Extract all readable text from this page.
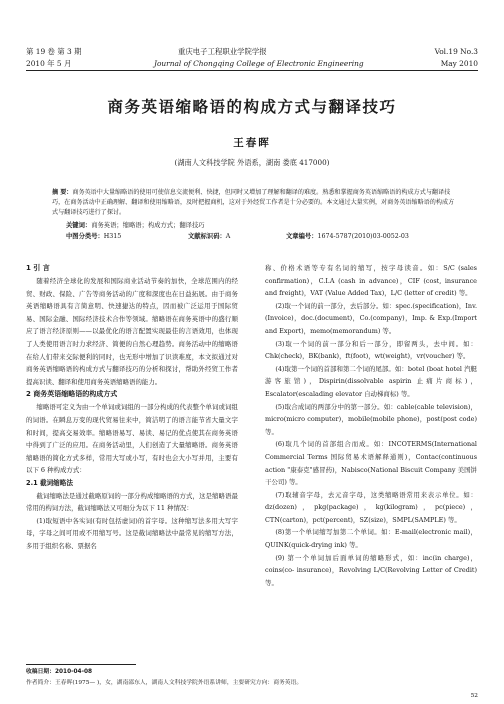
第 19 卷 第 3 期	重庆电子工程职业学院学报	Vol.19 No.3
2010 年 5 月	Journal of Chongqing College of Electronic Engineering	May 2010
商务英语缩略语的构成方式与翻译技巧
王春晖
(湖南人文科技学院 外语系，湖南 娄底 417000)
摘 要：商务英语中大量缩略语的使用可使信息交流便利、快捷，但同时又增加了理解和翻译的难度。熟悉和掌握商务英语缩略语的构成方式与翻译技巧，在商务活动中正确理解、翻译和使用缩略语，及时把握商机，这对于外经贸工作者是十分必要的。本文通过大量实例，对商务英语缩略语的构成方式与翻译技巧进行了探讨。
关键词：商务英语；缩略语；构成方式；翻译技巧
中图分类号：H315	文献标识码：A	文章编号：1674-5787(2010)03-0052-03
1 引 言

随着经济全球化的发展和国际商业活动节奏的加快，全球范围内的经贸、财政、保险、广告等商务活动的广度和深度也在日益拓展。由于商务英语缩略语具有言简意明、快速捷达的特点，因而被广泛运用于国际贸易、国际金融、国际经济技术合作等领域。缩略语在商务英语中的盛行顺应了语言经济原则——以最优化的语言配置实现最佳的言语效用，也体现了人类使用语言时力求经济、简便的自然心理趋势。商务活动中的缩略语在给人们带来交际便利的同时，也无形中增加了识读难度，本文拟通过对商务英语缩略语的构成方式与翻译技巧的分析和探讨，帮助外经贸工作者提高识读、翻译和使用商务英语缩略语的能力。

2 商务英语缩略语的构成方式

缩略语可定义为由一个单词或词组的一部分构成的代表整个单词或词组的词语。在瞬息万变的现代贸易往来中，简洁明了的语言能节省大量文字和时间，提高交易效率。缩略语易写、易读、易记的优点使其在商务英语中得到了广泛的应用。在商务活动里，人们创造了大量缩略语。商务英语缩略语的简化方式多样，常用大写或小写，有时也会大小写并用，主要有以下 6 种构成方式：

2.1 截词缩略法

截词缩略法是通过截略原词的一部分构成缩略语的方式，这是缩略语最常用的构词方法，截词缩略法又可细分为以下 11 种情况：

(1)取短语中各实词(有时包括虚词)的首字母。这种缩写法多用大写字母，字母之间可用或不用缩写号。这是截词缩略法中最常见的缩写方法，多用于组织名称、票据名

称、价格术语等专有名词的缩写，按字母读音。如：S/C (sales confirmation)，C.I.A (cash in advance)，CIF (cost, insurance and freight)，VAT (Value Added Tax)，L/C (letter of credit) 等。

(2)取一个词的前一部分，去后部分。如：spec.(specification)，Inv.(Invoice)，doc.(document)，Co.(company)，Imp. & Exp.(Import and Export)，memo(memorandum) 等。

(3)取一个词的前一部分和后一部分，即留两头，去中间。如：Chk(check)，BK(bank)，ft(foot)，wt(weight)，vr(voucher) 等。

(4)取第一个词的首部和第二个词的尾部。如：botel (boat hotel 汽艇游客旅馆)，Dispirin(dissolvable aspirin 止痛片商标)，Escalator(escalading elevator 自动梯商标) 等。

(5)取合成词的两部分中的第一部分。如：cable(cable television)，micro(micro computer)，mobile(mobile phone)，post(post code) 等。

(6)取几个词的首部组合而成。如：INCOTERMS(International Commercial Terms 国际贸易术语解释通则)，Contac(continuous action "康泰克"感冒药)，Nabisco(National Biscuit Company 美国饼干公司) 等。

(7)取辅音字母，去元音字母，这类缩略语常用来表示单位。如：dz(dozen)，pkg(package)，kg(kilogram)，pc(piece)，CTN(carton)，pct(percent)，SZ(size)，SMPL(SAMPLE) 等。

(8)第一个单词缩写加第二个单词。如：E-mail(electronic mail)，QUINK(quick-drying ink) 等。

(9) 第一个单词加后面单词的缩略形式，如：inc(in charge)，coins(co- insurance)，Revolving L/C(Revolving Letter of Credit) 等。

收稿日期：2010-04-08
作者简介：王春晖(1975— )，女，湖南邵东人，湖南人文科技学院外语系讲师，主要研究方向：商务英语。
52
